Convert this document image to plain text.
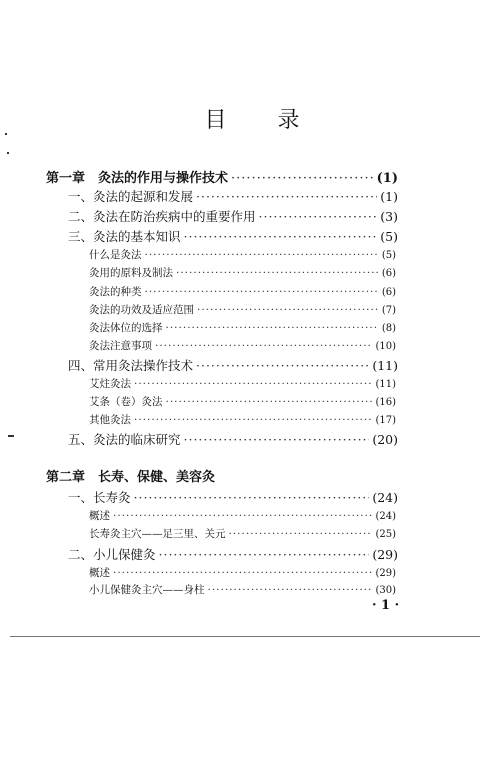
目 录
第一章　灸法的作用与操作技术 ·····	(1)
一、灸法的起源和发展 ·····	(1)
二、灸法在防治疾病中的重要作用 ·····	(3)
三、灸法的基本知识 ·····	(5)
什么是灸法 ·····	(5)
灸用的原料及制法 ·····	(6)
灸法的种类 ·····	(6)
灸法的功效及适应范围 ·····	(7)
灸法体位的选择 ·····	(8)
灸法注意事项 ·····	(10)
四、常用灸法操作技术 ·····	(11)
艾炷灸法 ·····	(11)
艾条（卷）灸法 ·····	(16)
其他灸法 ·····	(17)
五、灸法的临床研究 ·····	(20)
第二章　长寿、保健、美容灸
一、长寿灸 ·····	(24)
概述 ·····	(24)
长寿灸主穴——足三里、关元 ·····	(25)
二、小儿保健灸 ·····	(29)
概述 ·····	(29)
小儿保健灸主穴——身柱 ·····	(30)
· 1 ·
